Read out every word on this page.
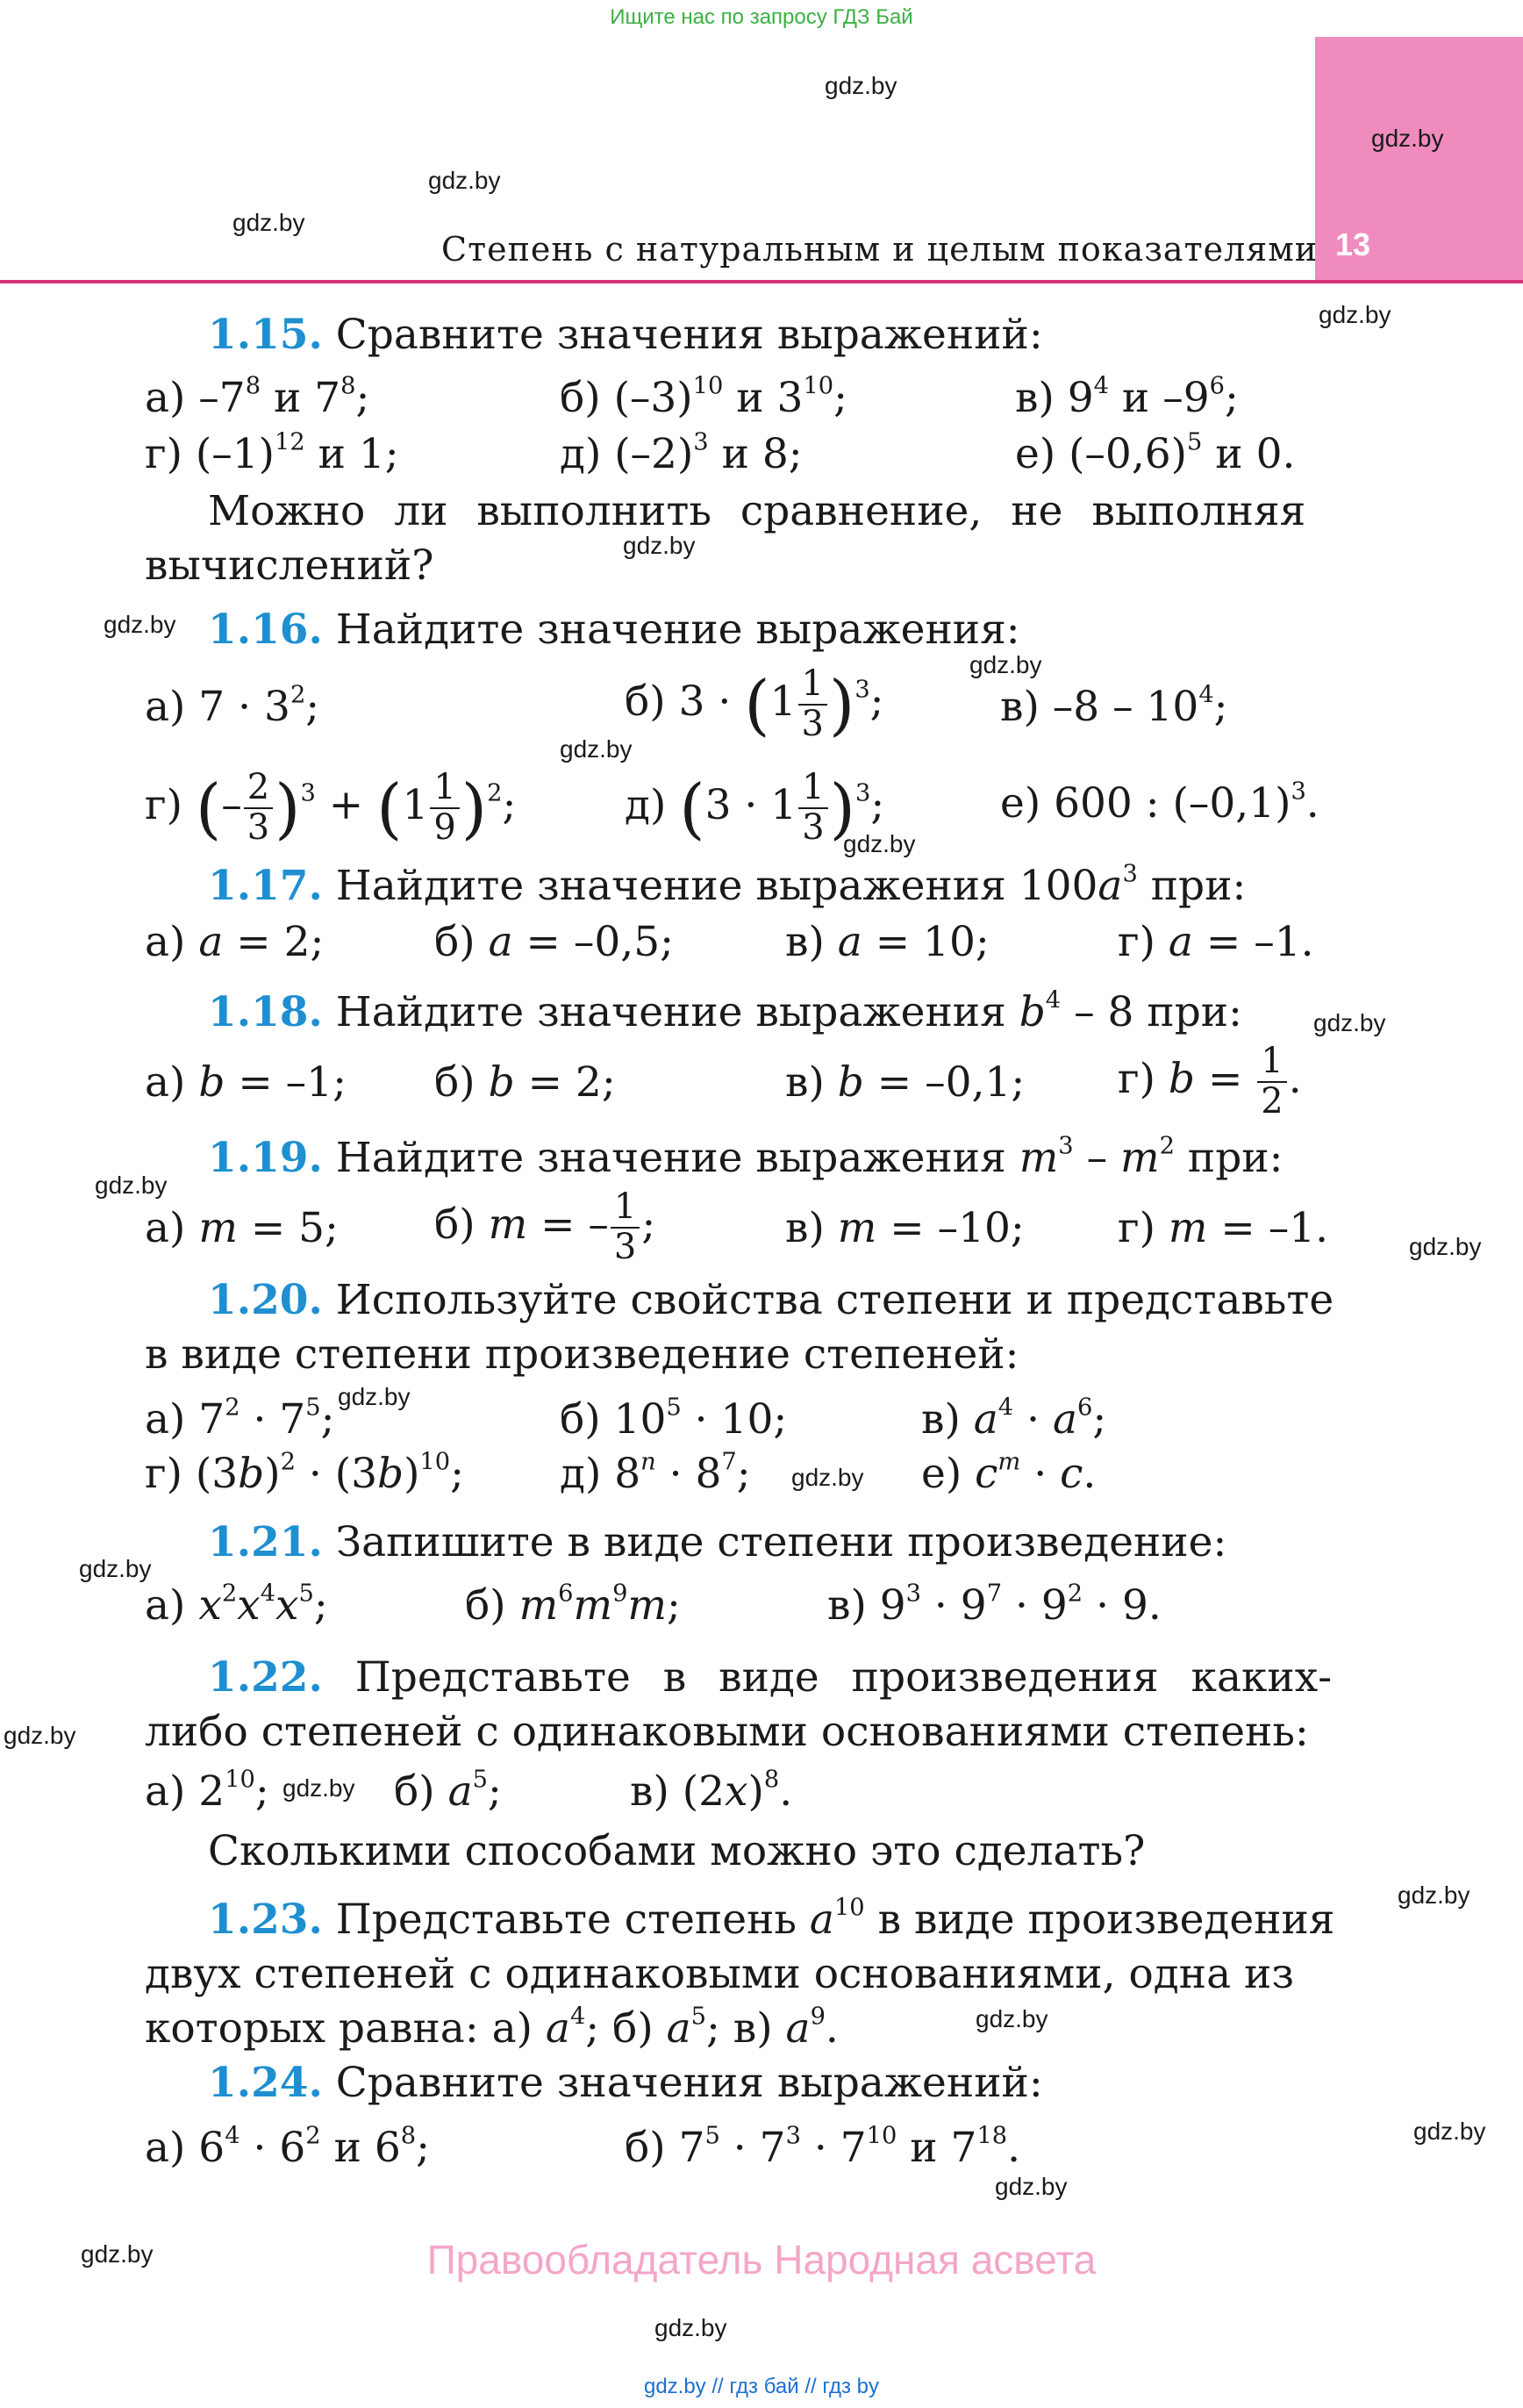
Ищите нас по запросу ГДЗ Бай
13
Степень с натуральным и целым показателями
gdz.by
gdz.by
gdz.by
gdz.by
gdz.by
gdz.by
gdz.by
gdz.by
gdz.by
gdz.by
gdz.by
gdz.by
gdz.by
gdz.by
gdz.by
gdz.by
gdz.by
gdz.by
gdz.by
gdz.by
gdz.by
gdz.by
gdz.by
gdz.by
1.15. Сравните значения выражений:
а) $-7^8$ и $7^8$;	б) $(-3)^{10}$ и $3^{10}$;	в) $9^4$ и $-9^6$;
г) $(-1)^{12}$ и 1;	д) $(-2)^3$ и 8;	е) $(-0,6)^5$ и 0.
Можно ли выполнить сравнение, не выполняя
вычислений?
1.16. Найдите значение выражения:
а) $7 \cdot 3^2$;	б) $3 \cdot (1 \frac{1}{3} )^3$;	в) $-8 - 10^4$;
г) (– $\frac{2}{3} )^3 + (1 \frac{1}{9} )^2$;	д) $(3 \cdot 1 \frac{1}{3} )^3$;	е) 600 : $(-0,1)^3$.
1.17. Найдите значение выражения $100a^3$ при:
а) a = 2;	б) a = –0,5;	в) a = 10;	г) a = –1.
1.18. Найдите значение выражения $b^4 - 8$ при:
а) b = –1; б) b = 2;	в) b = –0,1; г) $b = \frac{1}{2}$ .
1.19. Найдите значение выражения $m^3 - m^2$ при:
а) m = 5; б) m = – $\frac{1}{3}$ ;	в) m = –10; г) m = –1.
1.20. Используйте свойства степени и представьте
в виде степени произведение степеней:
а) $7^2 \cdot 7^5$;	б) $10^5 \cdot 10$;	в) $a^4 \cdot a^6$;
г) $(3b)^2 \cdot (3b)^{10}$; д) $8^n \cdot 8^7$;	е) $c^m \cdot c$.
1.21. Запишите в виде степени произведение:
а) $x^2x^4x^5$;	б) $m^6m^9m$;	в) $9^3 \cdot 9^7 \cdot 9^2 \cdot 9$.
1.22. Представьте в виде произведения каких-
либо степеней с одинаковыми основаниями степень:
а) $2^{10}$;	б) $a^5$;	в) $(2x)^8$.
Сколькими способами можно это сделать?
1.23. Представьте степень $a^{10}$ в виде произведения
двух степеней с одинаковыми основаниями, одна из
которых равна: а) $a^4$; б) $a^5$; в) $a^9$.
1.24. Сравните значения выражений:
а) $6^4 \cdot 6^2$ и $6^8$;	б) $7^5 \cdot 7^3 \cdot 7^{10}$ и $7^{18}$.
Правообладатель Народная асвета
gdz.by // гдз бай // гдз by
